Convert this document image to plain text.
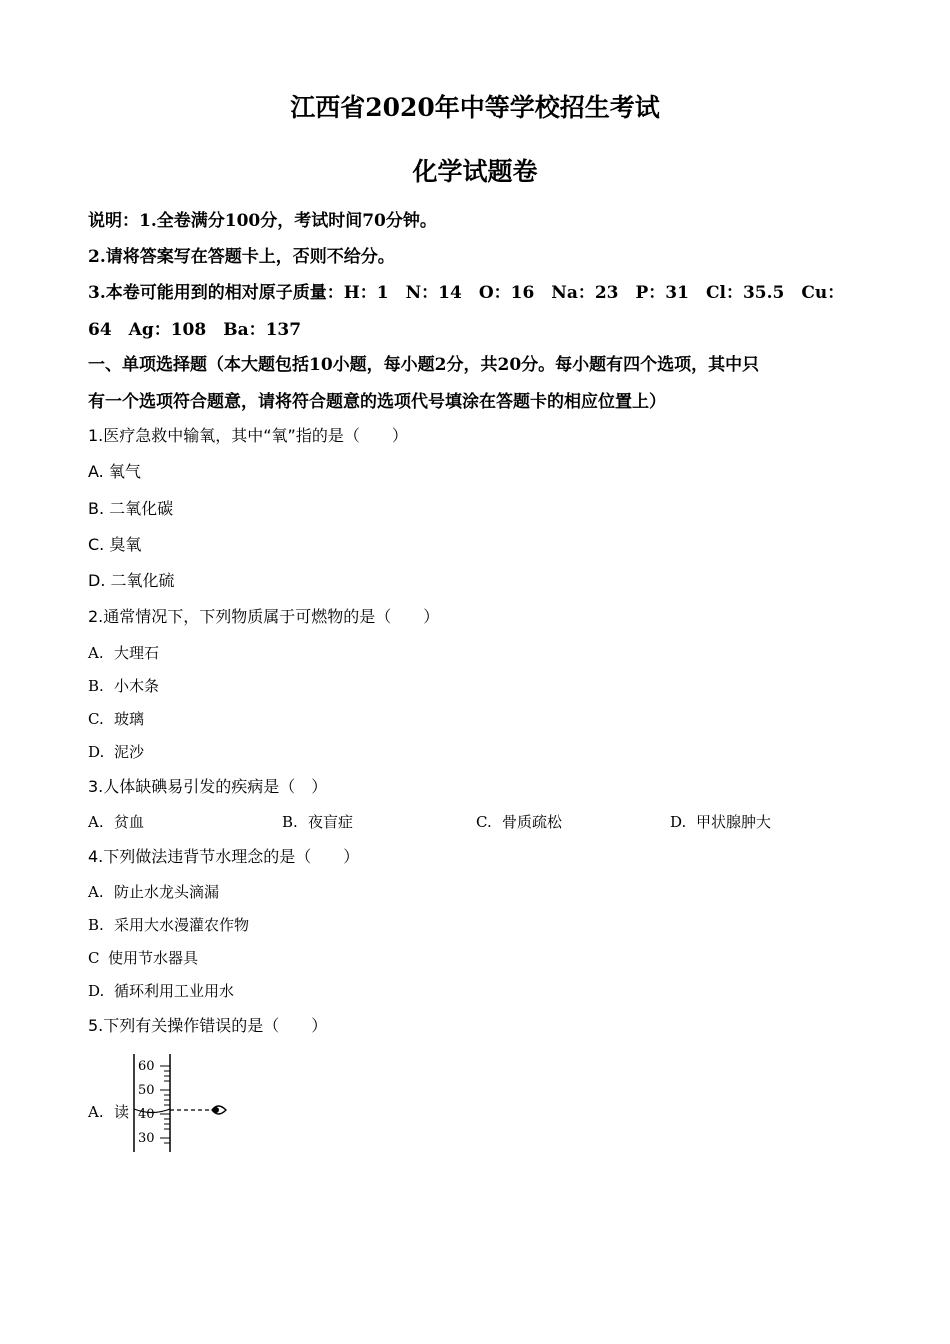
江西省2020年中等学校招生考试
化学试题卷
说明：1.全卷满分100分，考试时间70分钟。
2.请将答案写在答题卡上，否则不给分。
3.本卷可能用到的相对原子质量：H：1　N：14　O：16　Na：23　P：31　Cl：35.5　Cu：
64　Ag：108　Ba：137
一、单项选择题（本大题包括10小题，每小题2分，共20分。每小题有四个选项，其中只
有一个选项符合题意，请将符合题意的选项代号填涂在答题卡的相应位置上）
1.医疗急救中输氧，其中“氧”指的是（　　）
A. 氧气
B. 二氧化碳
C. 臭氧
D. 二氧化硫
2.通常情况下，下列物质属于可燃物的是（　　）
A. 大理石
B. 小木条
C. 玻璃
D. 泥沙
3.人体缺碘易引发的疾病是（　）
A. 贫血	B. 夜盲症	C. 骨质疏松	D. 甲状腺肿大
4.下列做法违背节水理念的是（　　）
A. 防止水龙头滴漏
B. 采用大水漫灌农作物
C 使用节水器具
D. 循环利用工业用水
5.下列有关操作错误的是（　　）
A. 读
60
50
40
30
